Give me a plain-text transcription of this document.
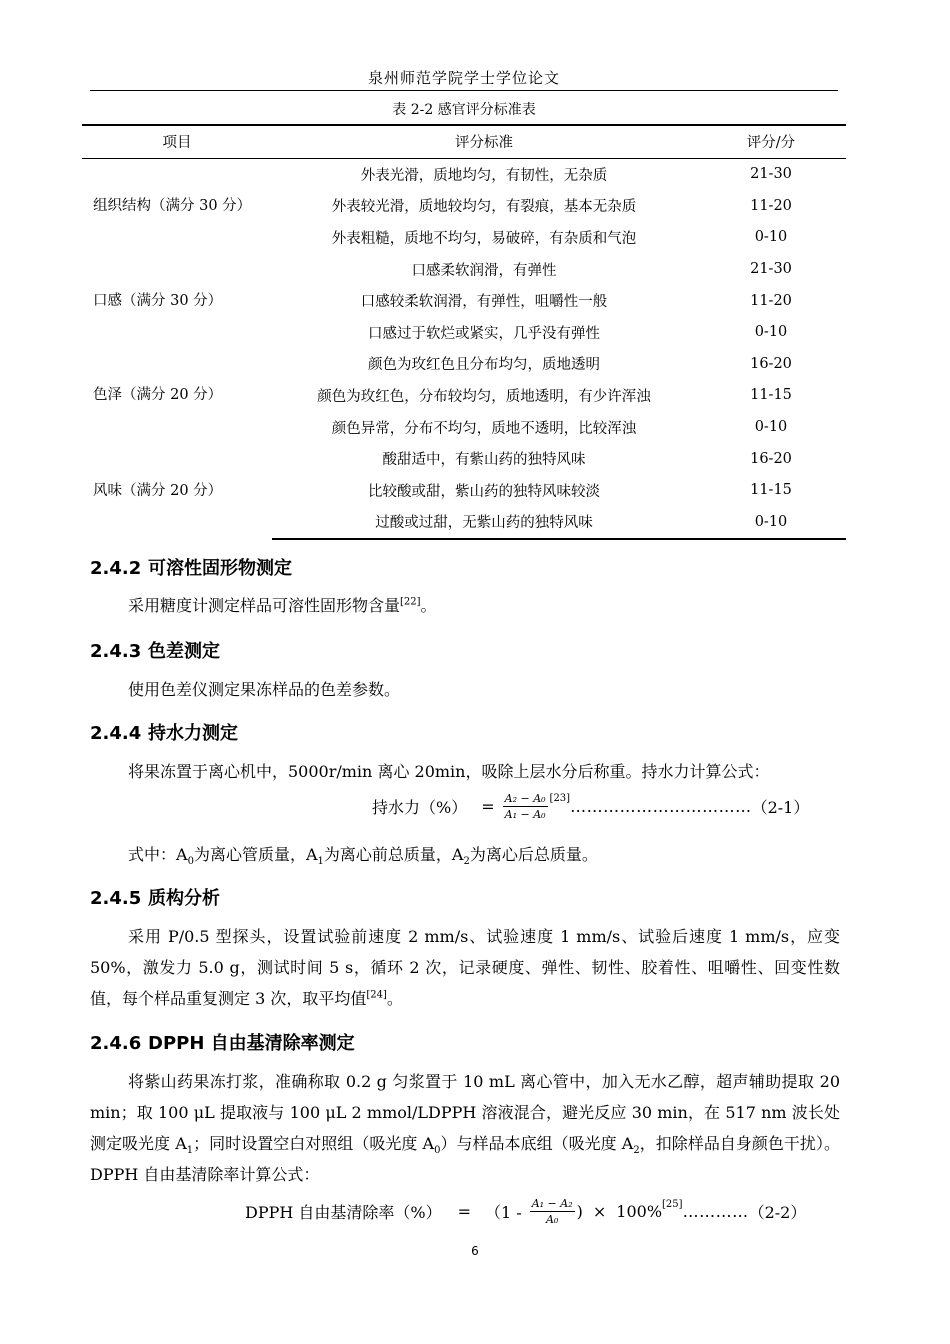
泉州师范学院学士学位论文
表 2-2 感官评分标准表
项目	评分标准	评分/分
组织结构（满分 30 分）	外表光滑，质地均匀，有韧性，无杂质	21-30
	外表较光滑，质地较均匀，有裂痕，基本无杂质	11-20
	外表粗糙，质地不均匀，易破碎，有杂质和气泡	0-10
口感（满分 30 分）	口感柔软润滑，有弹性	21-30
	口感较柔软润滑，有弹性，咀嚼性一般	11-20
	口感过于软烂或紧实，几乎没有弹性	0-10
色泽（满分 20 分）	颜色为玫红色且分布均匀，质地透明	16-20
	颜色为玫红色，分布较均匀，质地透明，有少许浑浊	11-15
	颜色异常，分布不均匀，质地不透明，比较浑浊	0-10
风味（满分 20 分）	酸甜适中，有紫山药的独特风味	16-20
	比较酸或甜，紫山药的独特风味较淡	11-15
	过酸或过甜，无紫山药的独特风味	0-10
2.4.2 可溶性固形物测定

采用糖度计测定样品可溶性固形物含量[22]。

2.4.3 色差测定

使用色差仪测定果冻样品的色差参数。

2.4.4 持水力测定

将果冻置于离心机中，5000r/min 离心 20min，吸除上层水分后称重。持水力计算公式：

持水力（%） = $\frac{\text{A₂ − A₀}}{\text{A₁ − A₀}} [23]$ …………………………… （2-1）

式中：$A_0$为离心管质量，$A_1$为离心前总质量，$A_2$为离心后总质量。

2.4.5 质构分析

采用 P/0.5 型探头，设置试验前速度 2 mm/s、试验速度 1 mm/s、试验后速度 1 mm/s，应变 50%，激发力 5.0 g，测试时间 5 s，循环 2 次，记录硬度、弹性、韧性、胶着性、咀嚼性、回变性数值，每个样品重复测定 3 次，取平均值[24]。

2.4.6 DPPH 自由基清除率测定

将紫山药果冻打浆，准确称取 0.2 g 匀浆置于 10 mL 离心管中，加入无水乙醇，超声辅助提取 20 min；取 100 μL 提取液与 100 μL 2 mmol/LDPPH 溶液混合，避光反应 30 min，在 517 nm 波长处测定吸光度 $A_1$；同时设置空白对照组（吸光度 $A_0$）与样品本底组（吸光度 $A_2$，扣除样品自身颜色干扰）。DPPH 自由基清除率计算公式：

DPPH 自由基清除率（%） = （$1 - \frac{\text{A₁ − A₂}}{\text{A₀}}$ ) × 100% [25] ………… （2-2）
6
